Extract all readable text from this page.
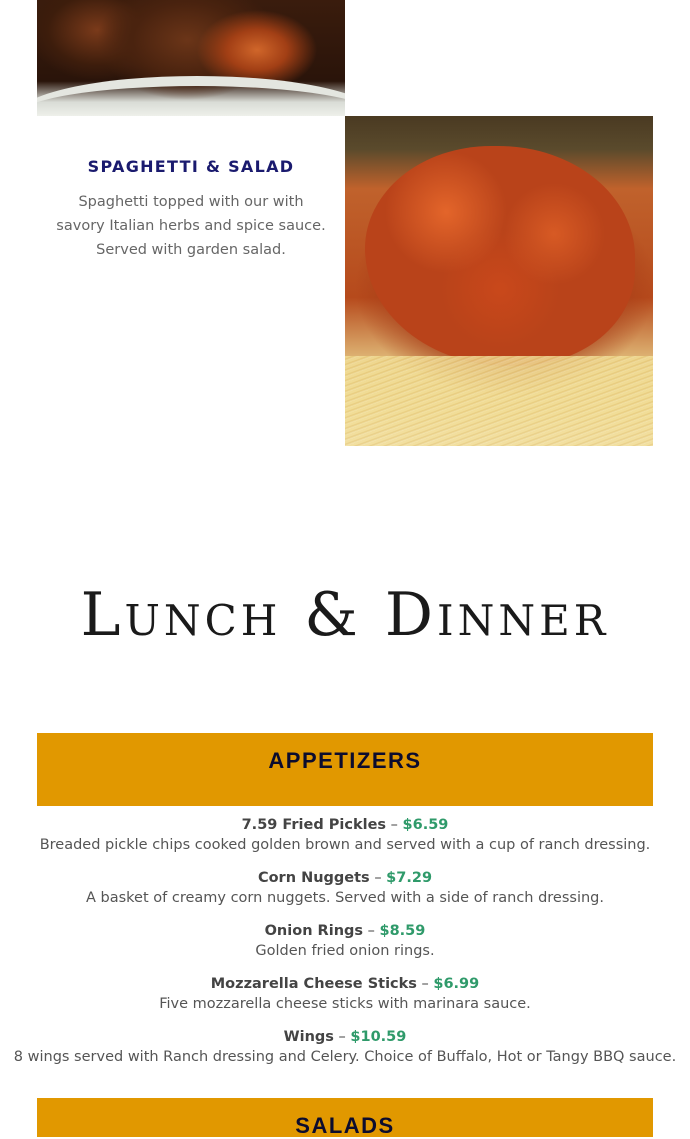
SPAGHETTI & SALAD
Spaghetti topped with our with savory Italian herbs and spice sauce. Served with garden salad.
Lunch & Dinner
APPETIZERS
7.59 Fried Pickles – $6.59
Breaded pickle chips cooked golden brown and served with a cup of ranch dressing.
Corn Nuggets – $7.29
A basket of creamy corn nuggets. Served with a side of ranch dressing.
Onion Rings – $8.59
Golden fried onion rings.
Mozzarella Cheese Sticks – $6.99
Five mozzarella cheese sticks with marinara sauce.
Wings – $10.59
8 wings served with Ranch dressing and Celery. Choice of Buffalo, Hot or Tangy BBQ sauce.
SALADS
